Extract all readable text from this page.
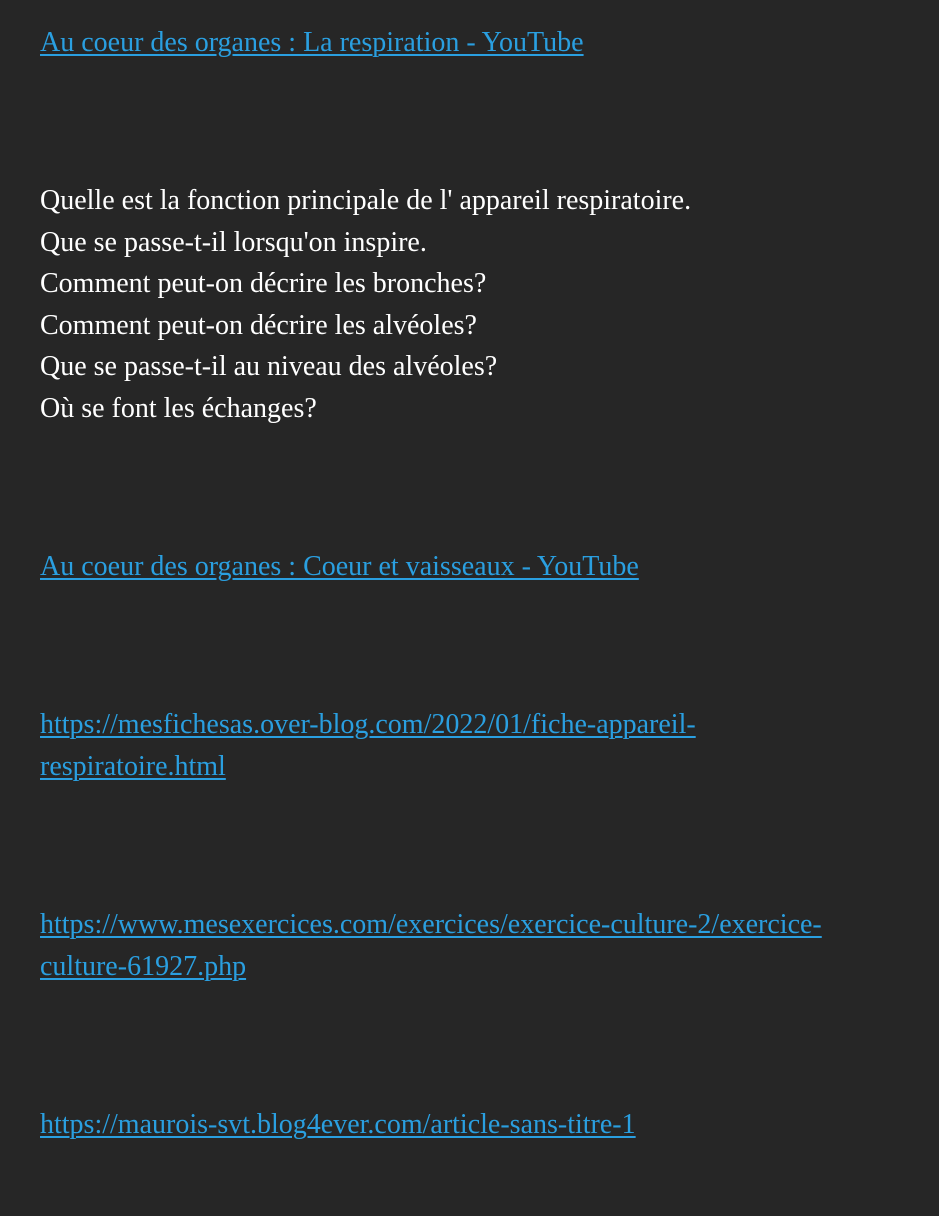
Au coeur des organes : La respiration - YouTube
Quelle est la fonction principale de l' appareil respiratoire.
Que se passe-t-il lorsqu'on inspire.
Comment peut-on décrire les bronches?
Comment peut-on décrire les alvéoles?
Que se passe-t-il au niveau des alvéoles?
Où se font les échanges?
Au coeur des organes : Coeur et vaisseaux - YouTube
https://mesfichesas.over-blog.com/2022/01/fiche-appareil-
respiratoire.html
https://www.mesexercices.com/exercices/exercice-culture-2/exercice-
culture-61927.php
https://maurois-svt.blog4ever.com/article-sans-titre-1
